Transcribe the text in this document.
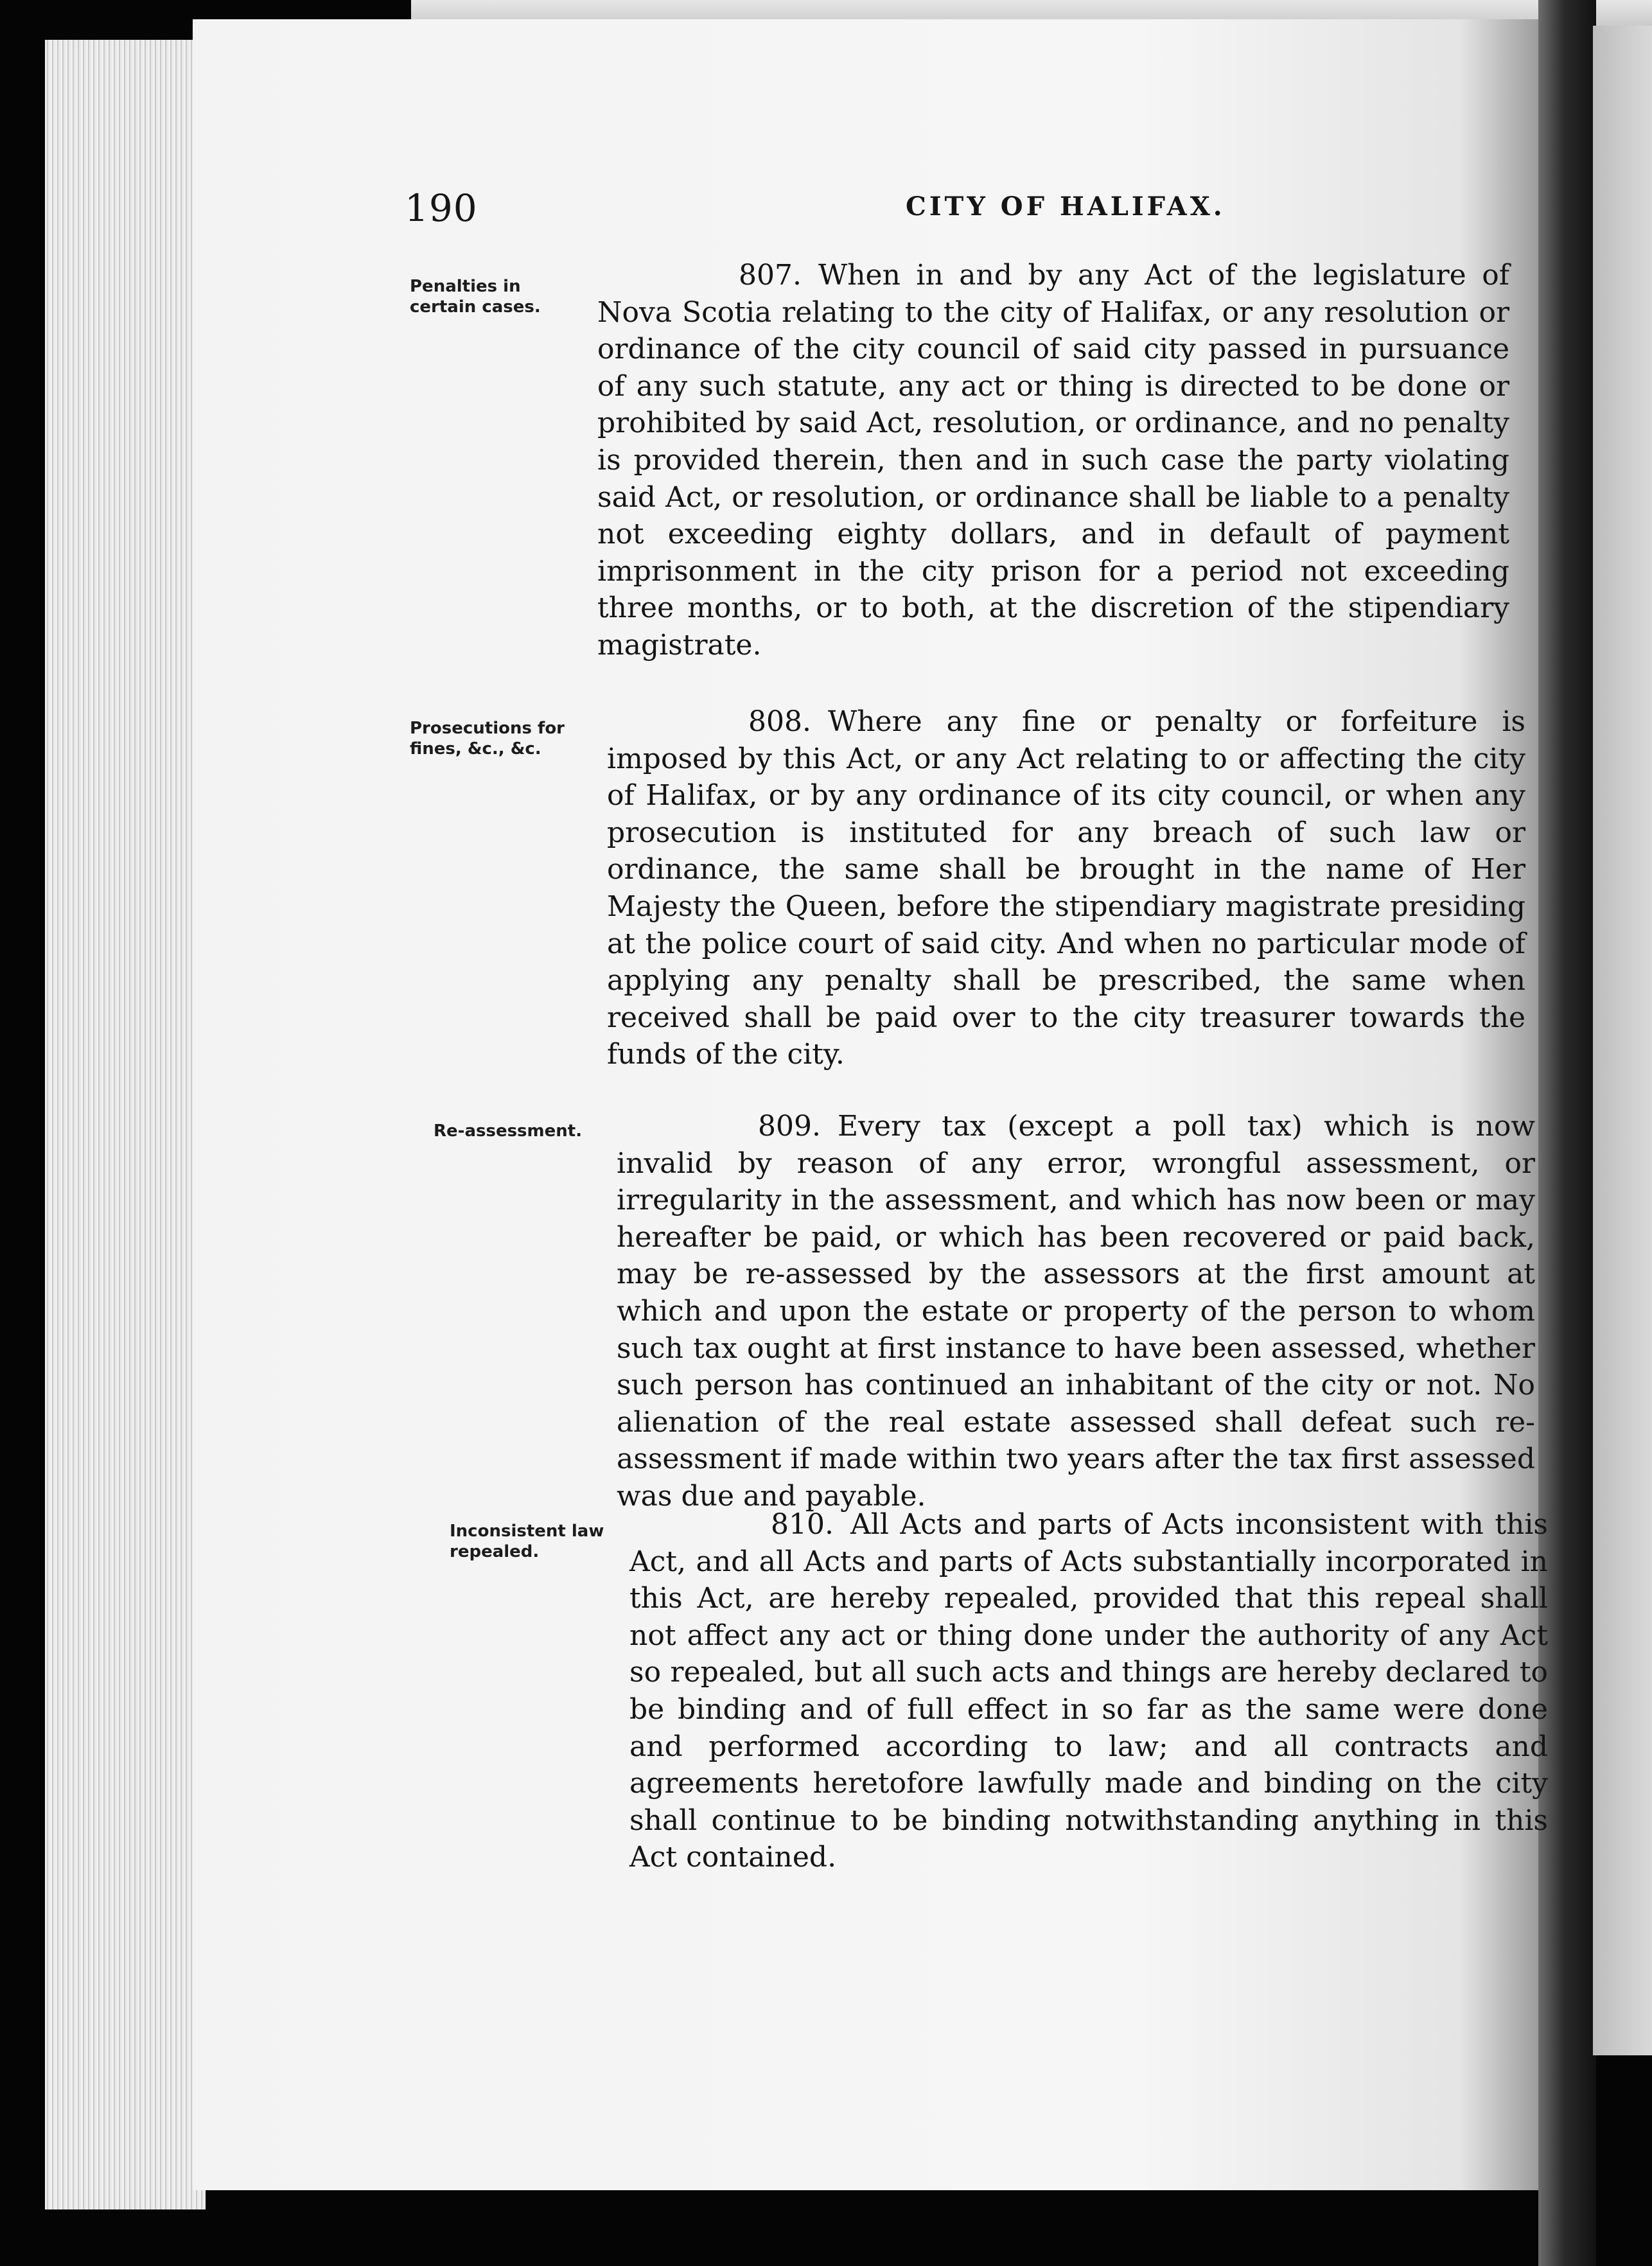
190	CITY OF HALIFAX.
Penalties in certain cases.

807. When in and by any Act of the legislature of Nova Scotia relating to the city of Halifax, or any resolution or ordinance of the city council of said city passed in pursuance of any such statute, any act or thing is directed to be done or prohibited by said Act, resolution, or ordinance, and no penalty is provided therein, then and in such case the party violating said Act, or resolution, or ordinance shall be liable to a penalty not exceeding eighty dollars, and in default of payment imprisonment in the city prison for a period not exceeding three months, or to both, at the discretion of the stipendiary magistrate.

Prosecutions for fines, &c., &c.

808. Where any fine or penalty or forfeiture is imposed by this Act, or any Act relating to or affecting the city of Halifax, or by any ordinance of its city council, or when any prosecution is instituted for any breach of such law or ordinance, the same shall be brought in the name of Her Majesty the Queen, before the stipendiary magistrate presiding at the police court of said city. And when no particular mode of applying any penalty shall be prescribed, the same when received shall be paid over to the city treasurer towards the funds of the city.

Re-assessment.	809. Every tax (except a poll tax) which is now invalid by reason of any error, wrongful assessment, or irregularity in the assessment, and which has now been or may hereafter be paid, or which has been recovered or paid back, may be re-assessed by the assessors at the first amount at which and upon the estate or property of the person to whom such tax ought at first instance to have been assessed, whether such person has continued an inhabitant of the city or not. No alienation of the real estate assessed shall defeat such re-assessment if made within two years after the tax first assessed was due and payable.

Inconsistent law repealed.

810. All Acts and parts of Acts inconsistent with this Act, and all Acts and parts of Acts substantially incorporated in this Act, are hereby repealed, provided that this repeal shall not affect any act or thing done under the authority of any Act so repealed, but all such acts and things are hereby declared to be binding and of full effect in so far as the same were done and performed according to law; and all contracts and agreements heretofore lawfully made and binding on the city shall continue to be binding notwithstanding anything in this Act contained.
